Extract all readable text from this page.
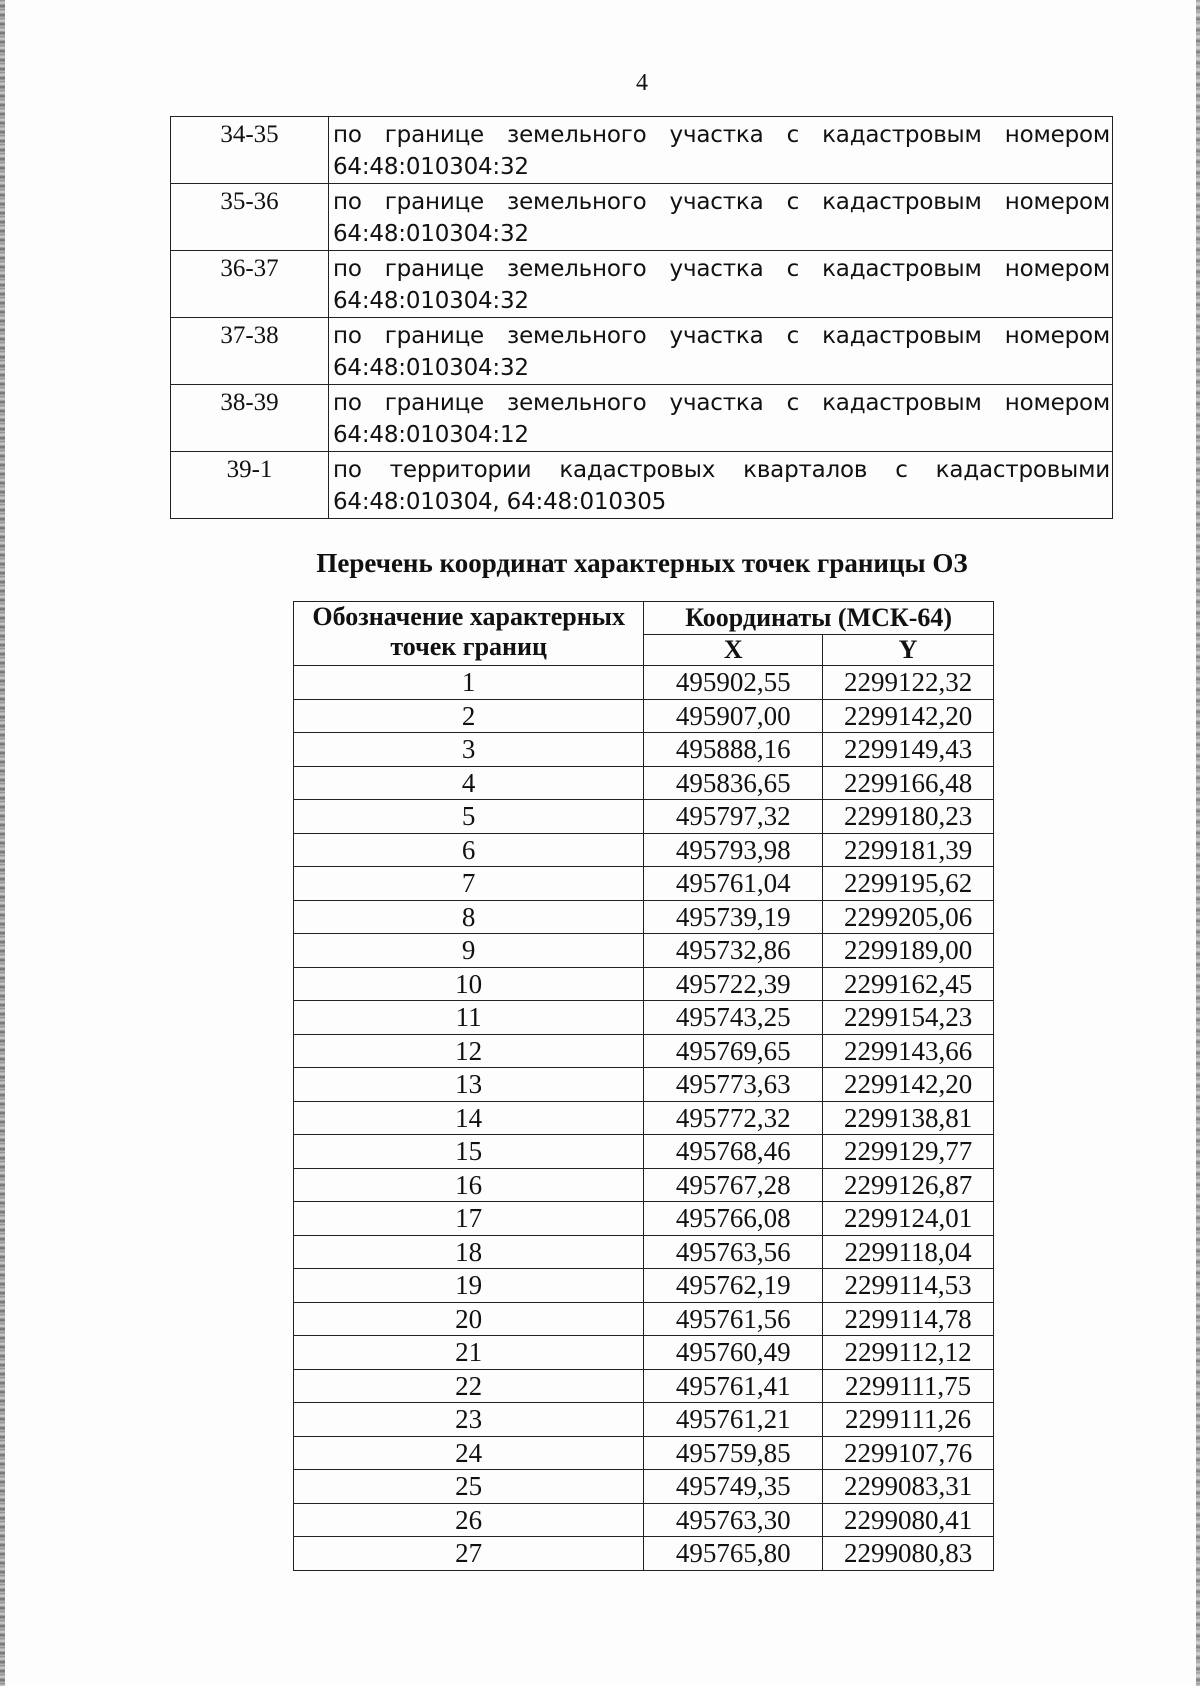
4
34-35	по границе земельного участка с кадастровым номером
64:48:010304:32

35-36	по границе земельного участка с кадастровым номером
64:48:010304:32

36-37	по границе земельного участка с кадастровым номером
64:48:010304:32

37-38	по границе земельного участка с кадастровым номером
64:48:010304:32

38-39	по границе земельного участка с кадастровым номером
64:48:010304:12

39-1	по территории кадастровых кварталов с кадастровыми
64:48:010304, 64:48:010305
Перечень координат характерных точек границы ОЗ
Обозначение характерных точек границ	Координаты (МСК-64)	
	X	Y
1	495902,55	2299122,32
2	495907,00	2299142,20
3	495888,16	2299149,43
4	495836,65	2299166,48
5	495797,32	2299180,23
6	495793,98	2299181,39
7	495761,04	2299195,62
8	495739,19	2299205,06
9	495732,86	2299189,00
10	495722,39	2299162,45
11	495743,25	2299154,23
12	495769,65	2299143,66
13	495773,63	2299142,20
14	495772,32	2299138,81
15	495768,46	2299129,77
16	495767,28	2299126,87
17	495766,08	2299124,01
18	495763,56	2299118,04
19	495762,19	2299114,53
20	495761,56	2299114,78
21	495760,49	2299112,12
22	495761,41	2299111,75
23	495761,21	2299111,26
24	495759,85	2299107,76
25	495749,35	2299083,31
26	495763,30	2299080,41
27	495765,80	2299080,83
